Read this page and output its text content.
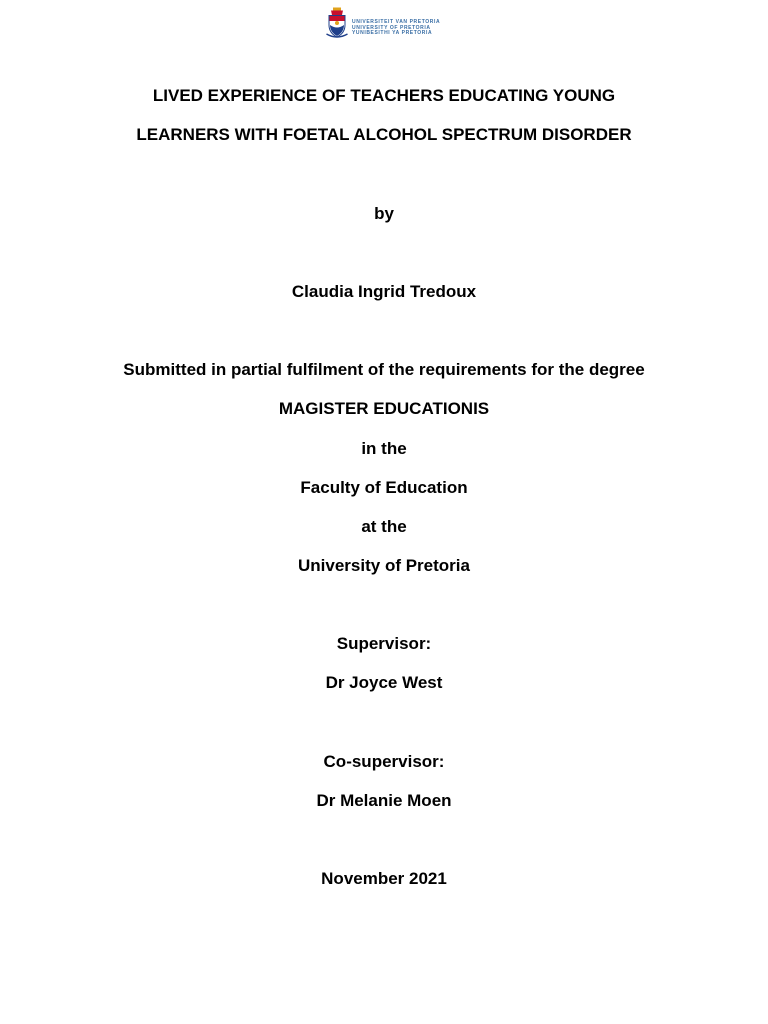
UNIVERSITEIT VAN PRETORIA
UNIVERSITY OF PRETORIA
YUNIBESITHI YA PRETORIA
LIVED EXPERIENCE OF TEACHERS EDUCATING YOUNG
LEARNERS WITH FOETAL ALCOHOL SPECTRUM DISORDER
by
Claudia Ingrid Tredoux
Submitted in partial fulfilment of the requirements for the degree
MAGISTER EDUCATIONIS
in the
Faculty of Education
at the
University of Pretoria
Supervisor:
Dr Joyce West
Co-supervisor:
Dr Melanie Moen
November 2021
